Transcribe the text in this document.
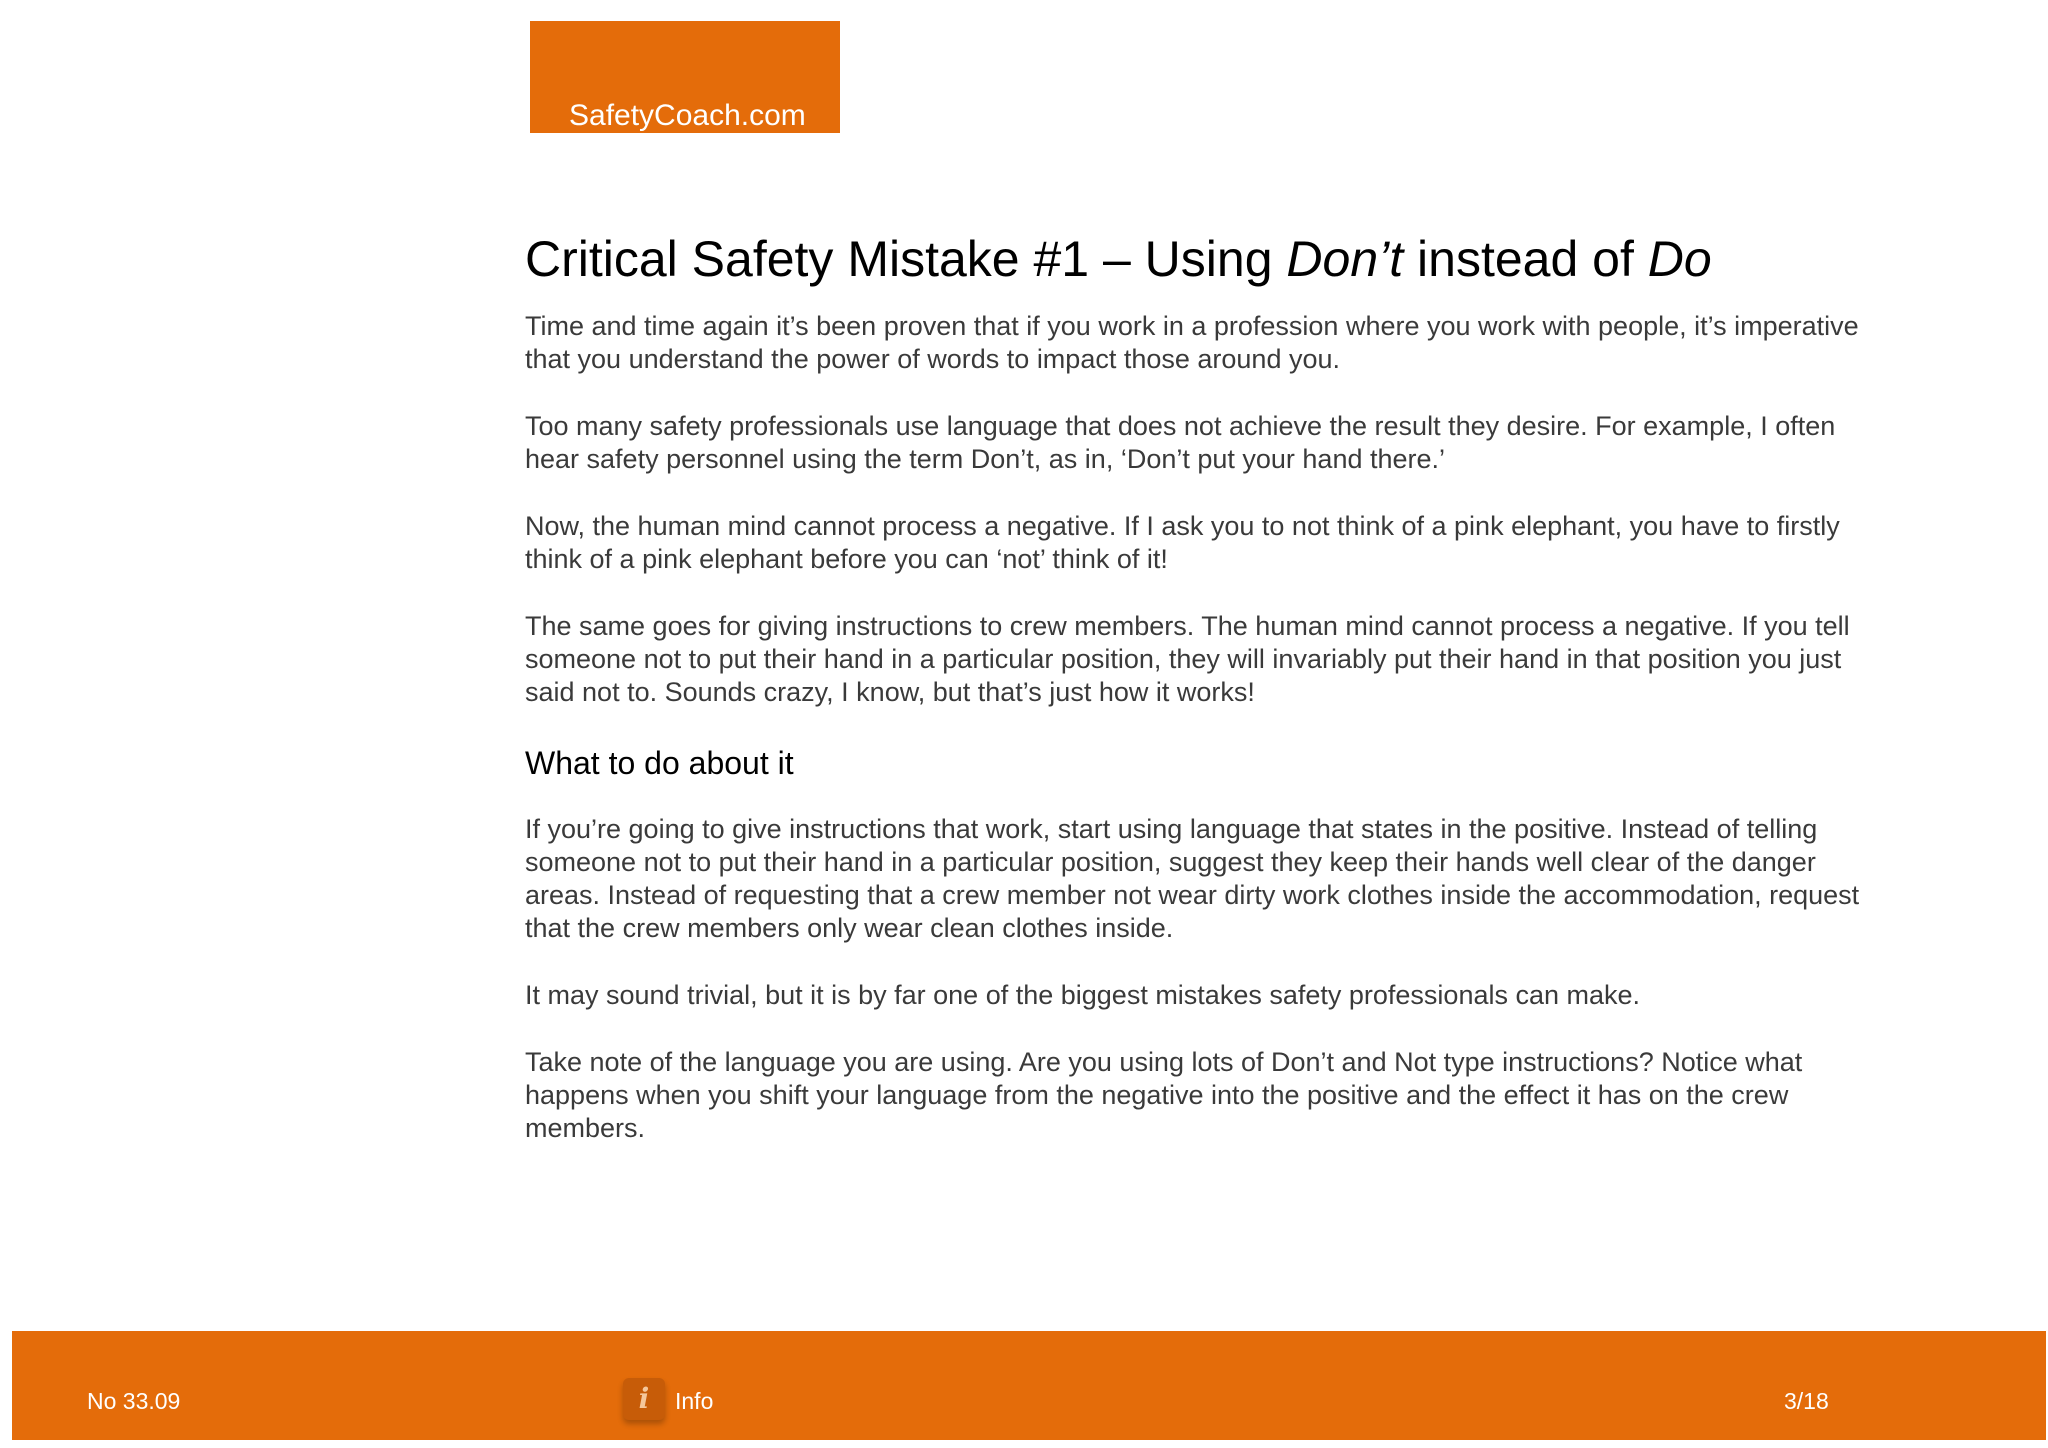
SafetyCoach.com
Critical Safety Mistake #1 – Using Don’t instead of Do

Time and time again it’s been proven that if you work in a profession where you work with people, it’s imperative that you understand the power of words to impact those around you.

Too many safety professionals use language that does not achieve the result they desire. For example, I often hear safety personnel using the term Don’t, as in, ‘Don’t put your hand there.’

Now, the human mind cannot process a negative. If I ask you to not think of a pink elephant, you have to firstly think of a pink elephant before you can ‘not’ think of it!

The same goes for giving instructions to crew members. The human mind cannot process a negative. If you tell someone not to put their hand in a particular position, they will invariably put their hand in that position you just said not to. Sounds crazy, I know, but that’s just how it works!

What to do about it

If you’re going to give instructions that work, start using language that states in the positive. Instead of telling someone not to put their hand in a particular position, suggest they keep their hands well clear of the danger areas. Instead of requesting that a crew member not wear dirty work clothes inside the accommodation, request that the crew members only wear clean clothes inside.

It may sound trivial, but it is by far one of the biggest mistakes safety professionals can make.

Take note of the language you are using. Are you using lots of Don’t and Not type instructions? Notice what happens when you shift your language from the negative into the positive and the effect it has on the crew members.

No 33.09	i	Info	3/18
